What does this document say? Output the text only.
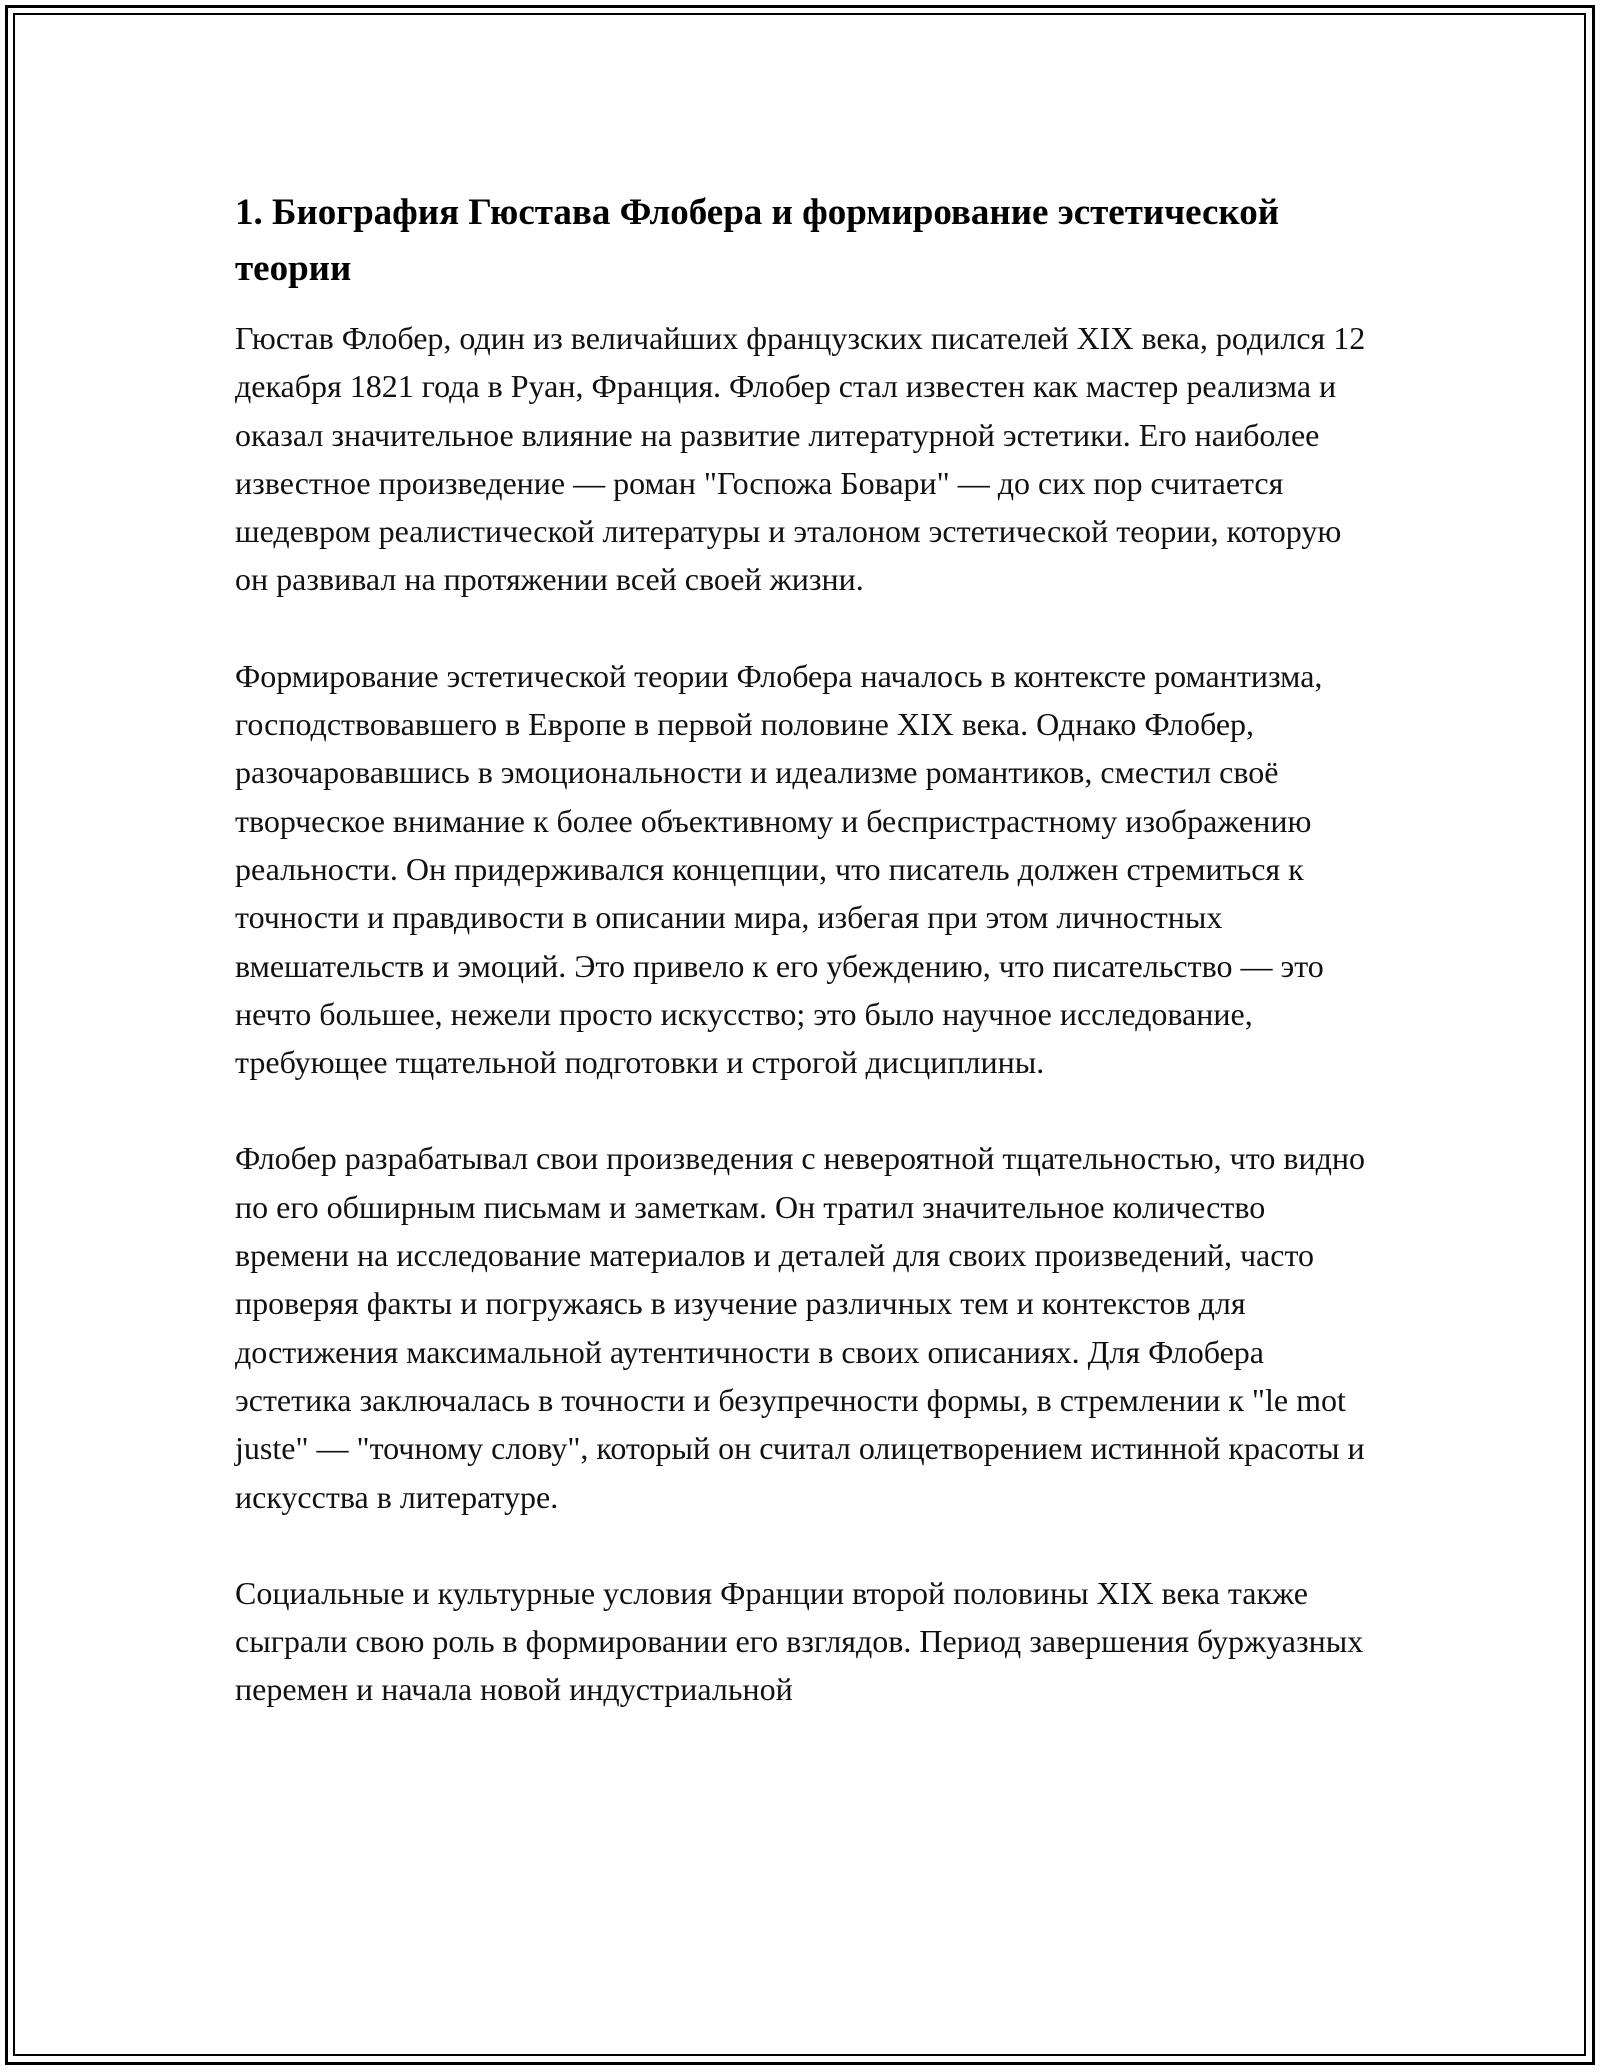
1. Биография Гюстава Флобера и формирование эстетической теории

Гюстав Флобер, один из величайших французских писателей XIX века, родился 12 декабря 1821 года в Руан, Франция. Флобер стал известен как мастер реализма и оказал значительное влияние на развитие литературной эстетики. Его наиболее известное произведение — роман "Госпожа Бовари" — до сих пор считается шедевром реалистической литературы и эталоном эстетической теории, которую он развивал на протяжении всей своей жизни.

Формирование эстетической теории Флобера началось в контексте романтизма, господствовавшего в Европе в первой половине XIX века. Однако Флобер, разочаровавшись в эмоциональности и идеализме романтиков, сместил своё творческое внимание к более объективному и беспристрастному изображению реальности. Он придерживался концепции, что писатель должен стремиться к точности и правдивости в описании мира, избегая при этом личностных вмешательств и эмоций. Это привело к его убеждению, что писательство — это нечто большее, нежели просто искусство; это было научное исследование, требующее тщательной подготовки и строгой дисциплины.

Флобер разрабатывал свои произведения с невероятной тщательностью, что видно по его обширным письмам и заметкам. Он тратил значительное количество времени на исследование материалов и деталей для своих произведений, часто проверяя факты и погружаясь в изучение различных тем и контекстов для достижения максимальной аутентичности в своих описаниях. Для Флобера эстетика заключалась в точности и безупречности формы, в стремлении к "le mot juste" — "точному слову", который он считал олицетворением истинной красоты и искусства в литературе.

Социальные и культурные условия Франции второй половины XIX века также сыграли свою роль в формировании его взглядов. Период завершения буржуазных перемен и начала новой индустриальной
